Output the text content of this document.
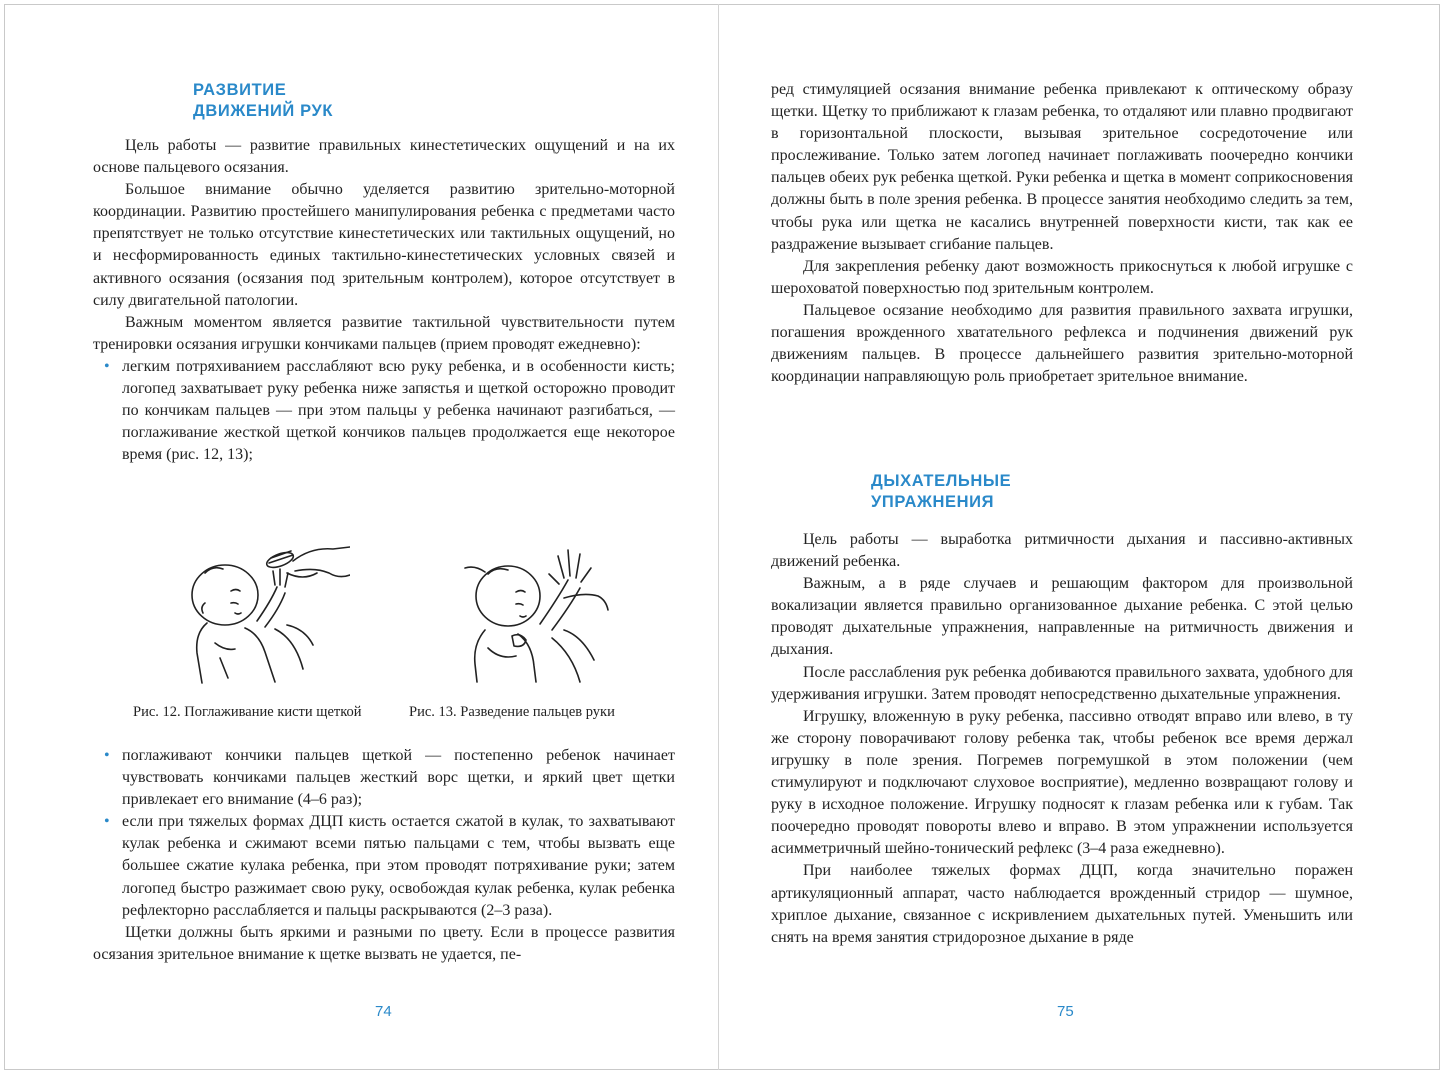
РАЗВИТИЕ
ДВИЖЕНИЙ РУК

Цель работы — развитие правильных кинестетических ощущений и на их основе пальцевого осязания.

Большое внимание обычно уделяется развитию зрительно-моторной координации. Развитию простейшего манипулирования ребенка с предметами часто препятствует не только отсутствие кинестетических или тактильных ощущений, но и несформированность единых тактильно-кинестетических условных связей и активного осязания (осязания под зрительным контролем), которое отсутствует в силу двигательной патологии.

Важным моментом является развитие тактильной чувствительности путем тренировки осязания игрушки кончиками пальцев (прием проводят ежедневно):

• легким потряхиванием расслабляют всю руку ребенка, и в особенности кисть; логопед захватывает руку ребенка ниже запястья и щеткой осторожно проводит по кончикам пальцев — при этом пальцы у ребенка начинают разгибаться, — поглаживание жесткой щеткой кончиков пальцев продолжается еще некоторое время (рис. 12, 13);
Рис. 12. Поглаживание кисти щеткой	Рис. 13. Разведение пальцев руки
• поглаживают кончики пальцев щеткой — постепенно ребенок начинает чувствовать кончиками пальцев жесткий ворс щетки, и яркий цвет щетки привлекает его внимание (4–6 раз);
• если при тяжелых формах ДЦП кисть остается сжатой в кулак, то захватывают кулак ребенка и сжимают всеми пятью пальцами с тем, чтобы вызвать еще большее сжатие кулака ребенка, при этом проводят потряхивание руки; затем логопед быстро разжимает свою руку, освобождая кулак ребенка, кулак ребенка рефлекторно расслабляется и пальцы раскрываются (2–3 раза).

Щетки должны быть яркими и разными по цвету. Если в процессе развития осязания зрительное внимание к щетке вызвать не удается, пе-

74

ред стимуляцией осязания внимание ребенка привлекают к оптическому образу щетки. Щетку то приближают к глазам ребенка, то отдаляют или плавно продвигают в горизонтальной плоскости, вызывая зрительное сосредоточение или прослеживание. Только затем логопед начинает поглаживать поочередно кончики пальцев обеих рук ребенка щеткой. Руки ребенка и щетка в момент соприкосновения должны быть в поле зрения ребенка. В процессе занятия необходимо следить за тем, чтобы рука или щетка не касались внутренней поверхности кисти, так как ее раздражение вызывает сгибание пальцев.

Для закрепления ребенку дают возможность прикоснуться к любой игрушке с шероховатой поверхностью под зрительным контролем.

Пальцевое осязание необходимо для развития правильного захвата игрушки, погашения врожденного хватательного рефлекса и подчинения движений рук движениям пальцев. В процессе дальнейшего развития зрительно-моторной координации направляющую роль приобретает зрительное внимание.

ДЫХАТЕЛЬНЫЕ
УПРАЖНЕНИЯ

Цель работы — выработка ритмичности дыхания и пассивно-активных движений ребенка.

Важным, а в ряде случаев и решающим фактором для произвольной вокализации является правильно организованное дыхание ребенка. С этой целью проводят дыхательные упражнения, направленные на ритмичность движения и дыхания.

После расслабления рук ребенка добиваются правильного захвата, удобного для удерживания игрушки. Затем проводят непосредственно дыхательные упражнения.

Игрушку, вложенную в руку ребенка, пассивно отводят вправо или влево, в ту же сторону поворачивают голову ребенка так, чтобы ребенок все время держал игрушку в поле зрения. Погремев погремушкой в этом положении (чем стимулируют и подключают слуховое восприятие), медленно возвращают голову и руку в исходное положение. Игрушку подносят к глазам ребенка или к губам. Так поочередно проводят повороты влево и вправо. В этом упражнении используется асимметричный шейно-тонический рефлекс (3–4 раза ежедневно).

При наиболее тяжелых формах ДЦП, когда значительно поражен артикуляционный аппарат, часто наблюдается врожденный стридор — шумное, хриплое дыхание, связанное с искривлением дыхательных путей. Уменьшить или снять на время занятия стридорозное дыхание в ряде

75
